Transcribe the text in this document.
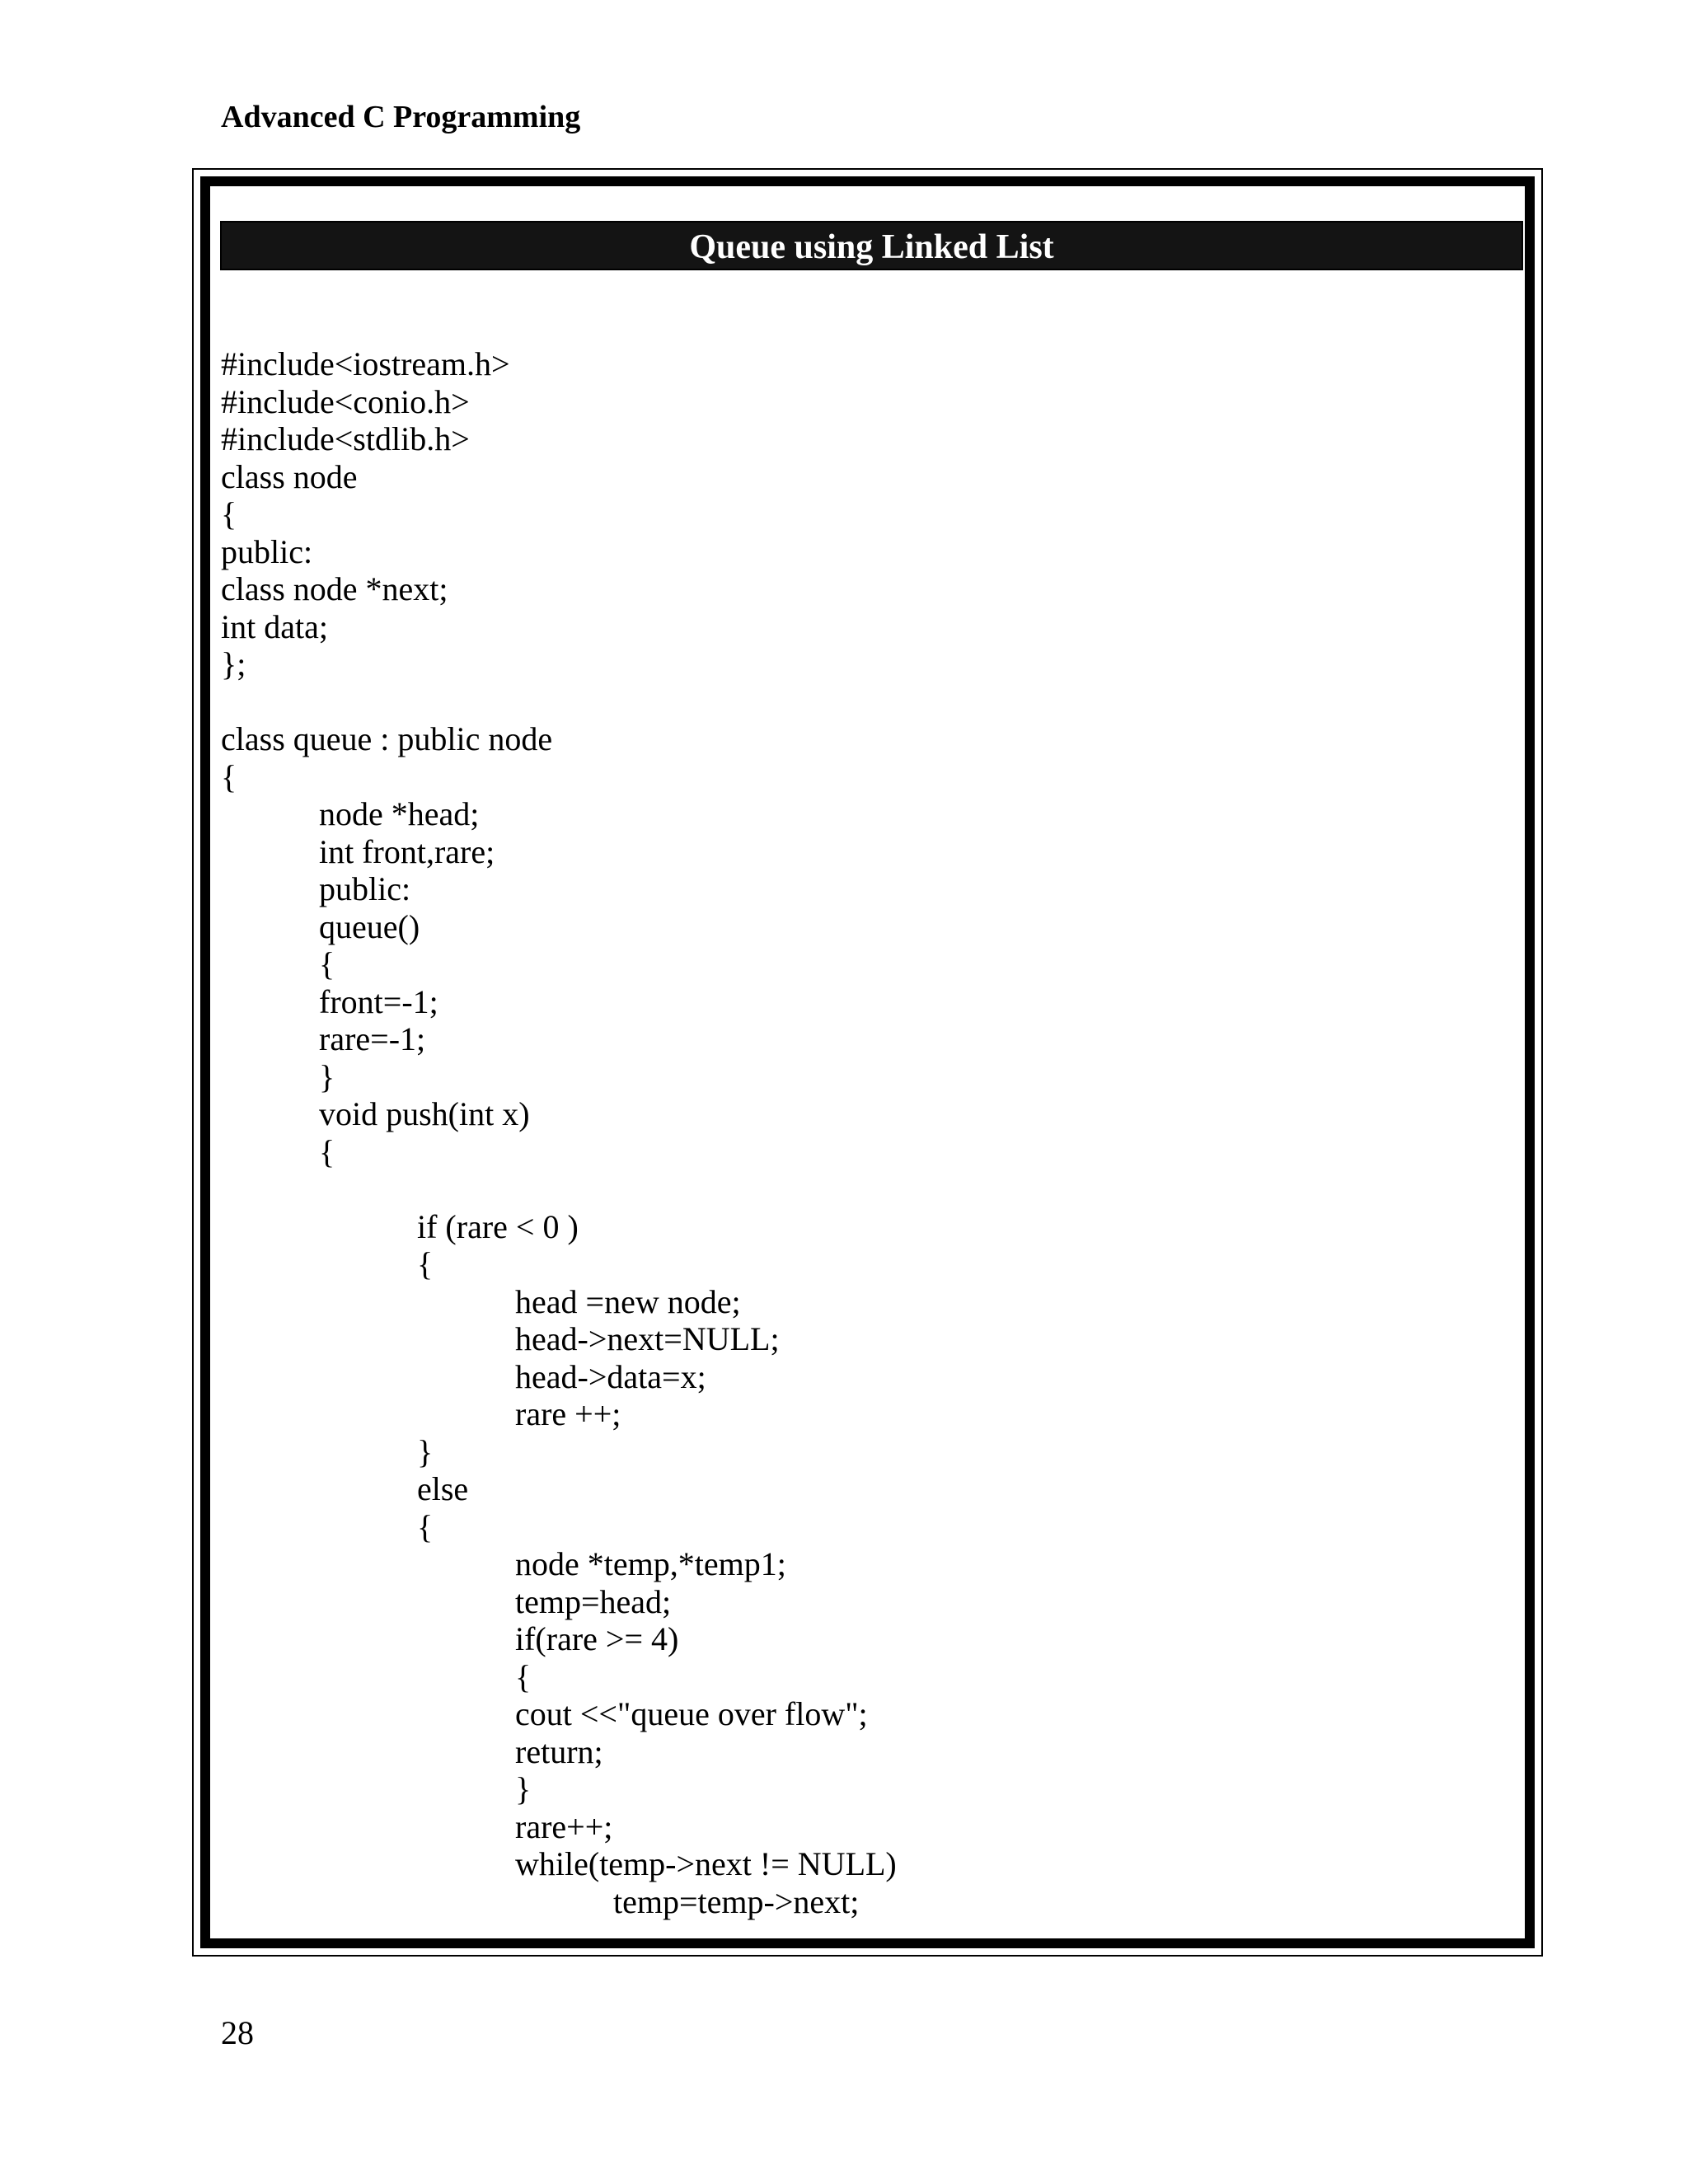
Advanced C Programming
Queue using Linked List
#include<iostream.h>
#include<conio.h>
#include<stdlib.h>
class node
{
public:
class node *next;
int data;
};
class queue : public node
{
node *head;
int front,rare;
public:
queue()
{
front=-1;
rare=-1;
}
void push(int x)
{
if (rare < 0 )
{
head =new node;
head->next=NULL;
head->data=x;
rare ++;
}
else
{
node *temp,*temp1;
temp=head;
if(rare >= 4)
{
cout <<"queue over flow";
return;
}
rare++;
while(temp->next != NULL)
temp=temp->next;
28
